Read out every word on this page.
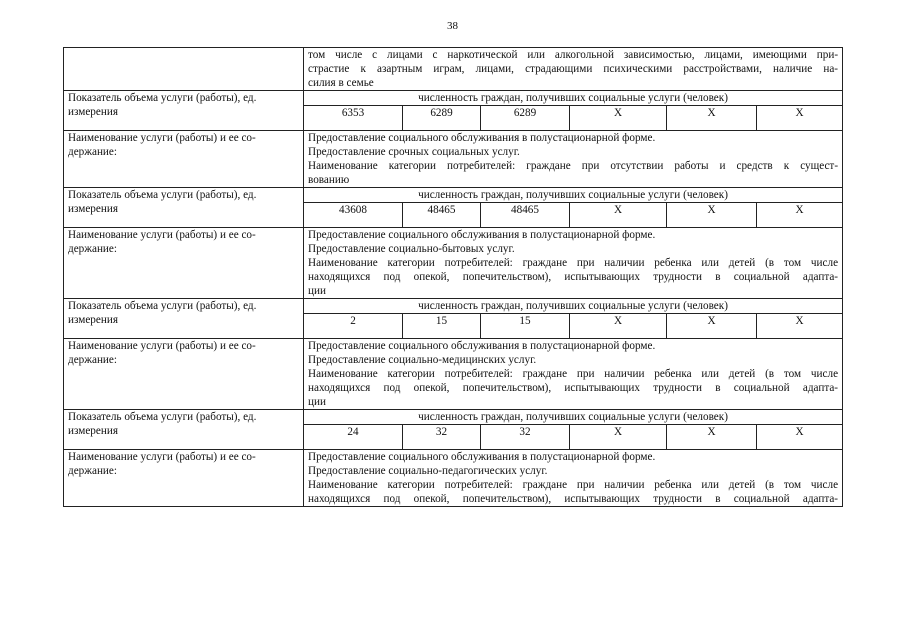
38

	том числе с лицами с наркотической или алкогольной зависимостью, лицами, имеющими при-
страстие к азартным играм, лицами, страдающими психическими расстройствами, наличие на-
силия в семье					

Показатель объема услуги (работы), ед. измерения	численность граждан, получивших социальные услуги (человек)					
	6353	6289	6289	Х	Х	Х
Наименование услуги (работы) и ее со-держание:	Предоставление социального обслуживания в полустационарной форме.
Предоставление срочных социальных услуг.
Наименование категории потребителей: граждане при отсутствии работы и средств к сущест-
вованию					

Показатель объема услуги (работы), ед. измерения	численность граждан, получивших социальные услуги (человек)					
	43608	48465	48465	Х	Х	Х
Наименование услуги (работы) и ее со-держание:	Предоставление социального обслуживания в полустационарной форме.
Предоставление социально-бытовых услуг.
Наименование категории потребителей: граждане при наличии ребенка или детей (в том числе
находящихся под опекой, попечительством), испытывающих трудности в социальной адапта-
ции					

Показатель объема услуги (работы), ед. измерения	численность граждан, получивших социальные услуги (человек)					
	2	15	15	Х	Х	Х
Наименование услуги (работы) и ее со-держание:	Предоставление социального обслуживания в полустационарной форме.
Предоставление социально-медицинских услуг.
Наименование категории потребителей: граждане при наличии ребенка или детей (в том числе
находящихся под опекой, попечительством), испытывающих трудности в социальной адапта-
ции					

Показатель объема услуги (работы), ед. измерения	численность граждан, получивших социальные услуги (человек)					
	24	32	32	Х	Х	Х
Наименование услуги (работы) и ее со-держание:	Предоставление социального обслуживания в полустационарной форме.
Предоставление социально-педагогических услуг.
Наименование категории потребителей: граждане при наличии ребенка или детей (в том числе
находящихся под опекой, попечительством), испытывающих трудности в социальной адапта-					
